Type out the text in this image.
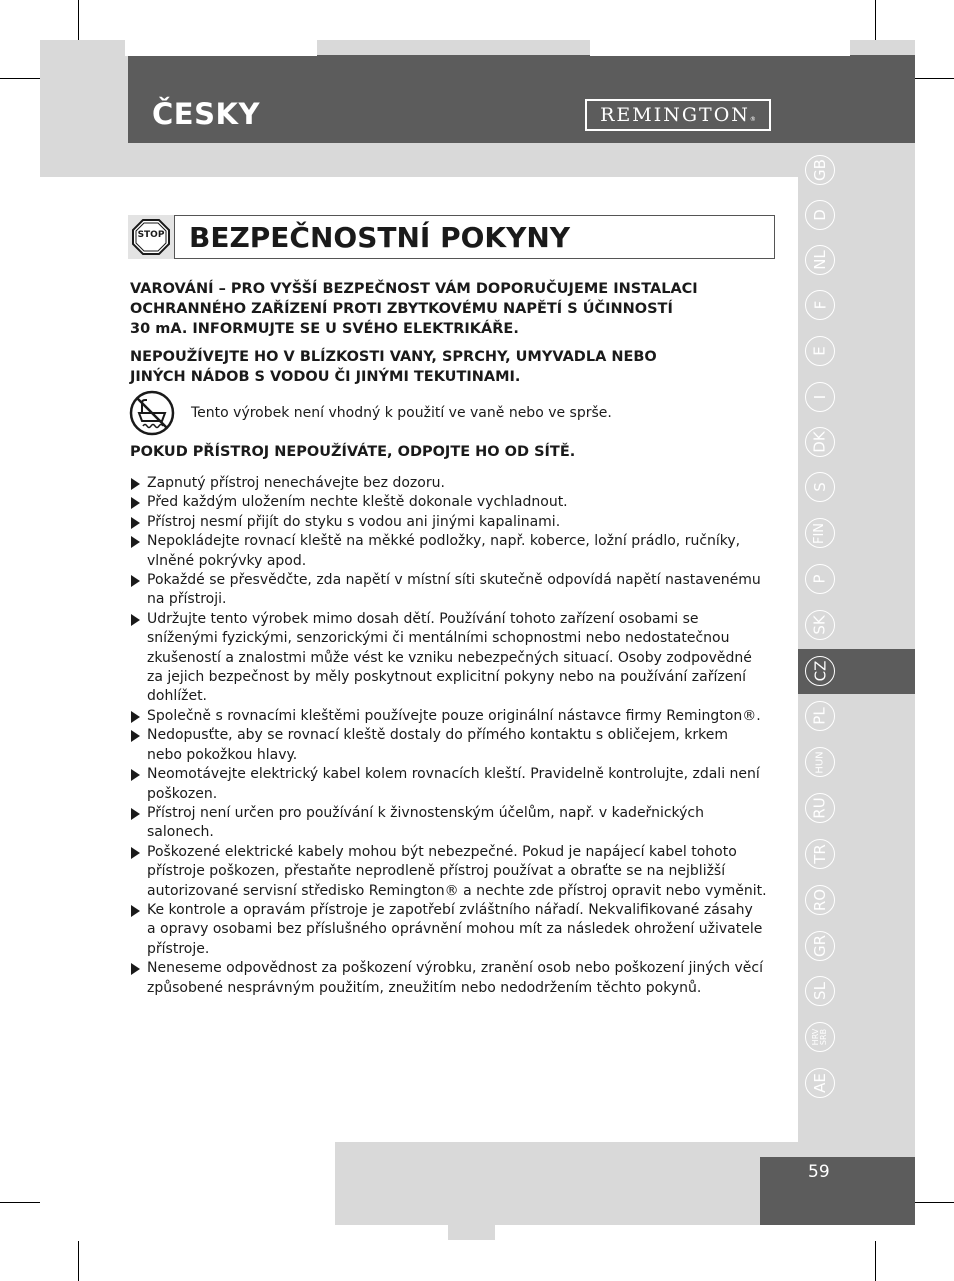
ČESKY	REMINGTON ®
GB
D
NL
F
E
I
DK
S
FIN
P
SK
CZ
PL
HUN
RU
TR
RO
GR
SL
HRV SRB
AE
STOP BEZPEČNOSTNÍ POKYNY
VAROVÁNÍ – PRO VYŠŠÍ BEZPEČNOST VÁM DOPORUČUJEME INSTALACI
OCHRANNÉHO ZAŘÍZENÍ PROTI ZBYTKOVÉMU NAPĚTÍ S ÚČINNOSTÍ
30 mA. INFORMUJTE SE U SVÉHO ELEKTRIKÁŘE.
NEPOUŽÍVEJTE HO V BLÍZKOSTI VANY, SPRCHY, UMYVADLA NEBO
JINÝCH NÁDOB S VODOU ČI JINÝMI TEKUTINAMI.
Tento výrobek není vhodný k použití ve vaně nebo ve sprše.
POKUD PŘÍSTROJ NEPOUŽÍVÁTE, ODPOJTE HO OD SÍTĚ.
Zapnutý přístroj nenechávejte bez dozoru.
Před každým uložením nechte kleště dokonale vychladnout.
Přístroj nesmí přijít do styku s vodou ani jinými kapalinami.
Nepokládejte rovnací kleště na měkké podložky, např. koberce, ložní prádlo, ručníky,
vlněné pokrývky apod.
Pokaždé se přesvědčte, zda napětí v místní síti skutečně odpovídá napětí nastavenému
na přístroji.
Udržujte tento výrobek mimo dosah dětí. Používání tohoto zařízení osobami se
sníženými fyzickými, senzorickými či mentálními schopnostmi nebo nedostatečnou
zkušeností a znalostmi může vést ke vzniku nebezpečných situací. Osoby zodpovědné
za jejich bezpečnost by měly poskytnout explicitní pokyny nebo na používání zařízení
dohlížet.
Společně s rovnacími kleštěmi používejte pouze originální nástavce firmy Remington®.
Nedopusťte, aby se rovnací kleště dostaly do přímého kontaktu s obličejem, krkem
nebo pokožkou hlavy.
Neomotávejte elektrický kabel kolem rovnacích kleští. Pravidelně kontrolujte, zdali není
poškozen.
Přístroj není určen pro používání k živnostenským účelům, např. v kadeřnických
salonech.
Poškozené elektrické kabely mohou být nebezpečné. Pokud je napájecí kabel tohoto
přístroje poškozen, přestaňte neprodleně přístroj používat a obraťte se na nejbližší
autorizované servisní středisko Remington® a nechte zde přístroj opravit nebo vyměnit.
Ke kontrole a opravám přístroje je zapotřebí zvláštního nářadí. Nekvalifikované zásahy
a opravy osobami bez příslušného oprávnění mohou mít za následek ohrožení uživatele
přístroje.
Neneseme odpovědnost za poškození výrobku, zranění osob nebo poškození jiných věcí
způsobené nesprávným použitím, zneužitím nebo nedodržením těchto pokynů.
59
